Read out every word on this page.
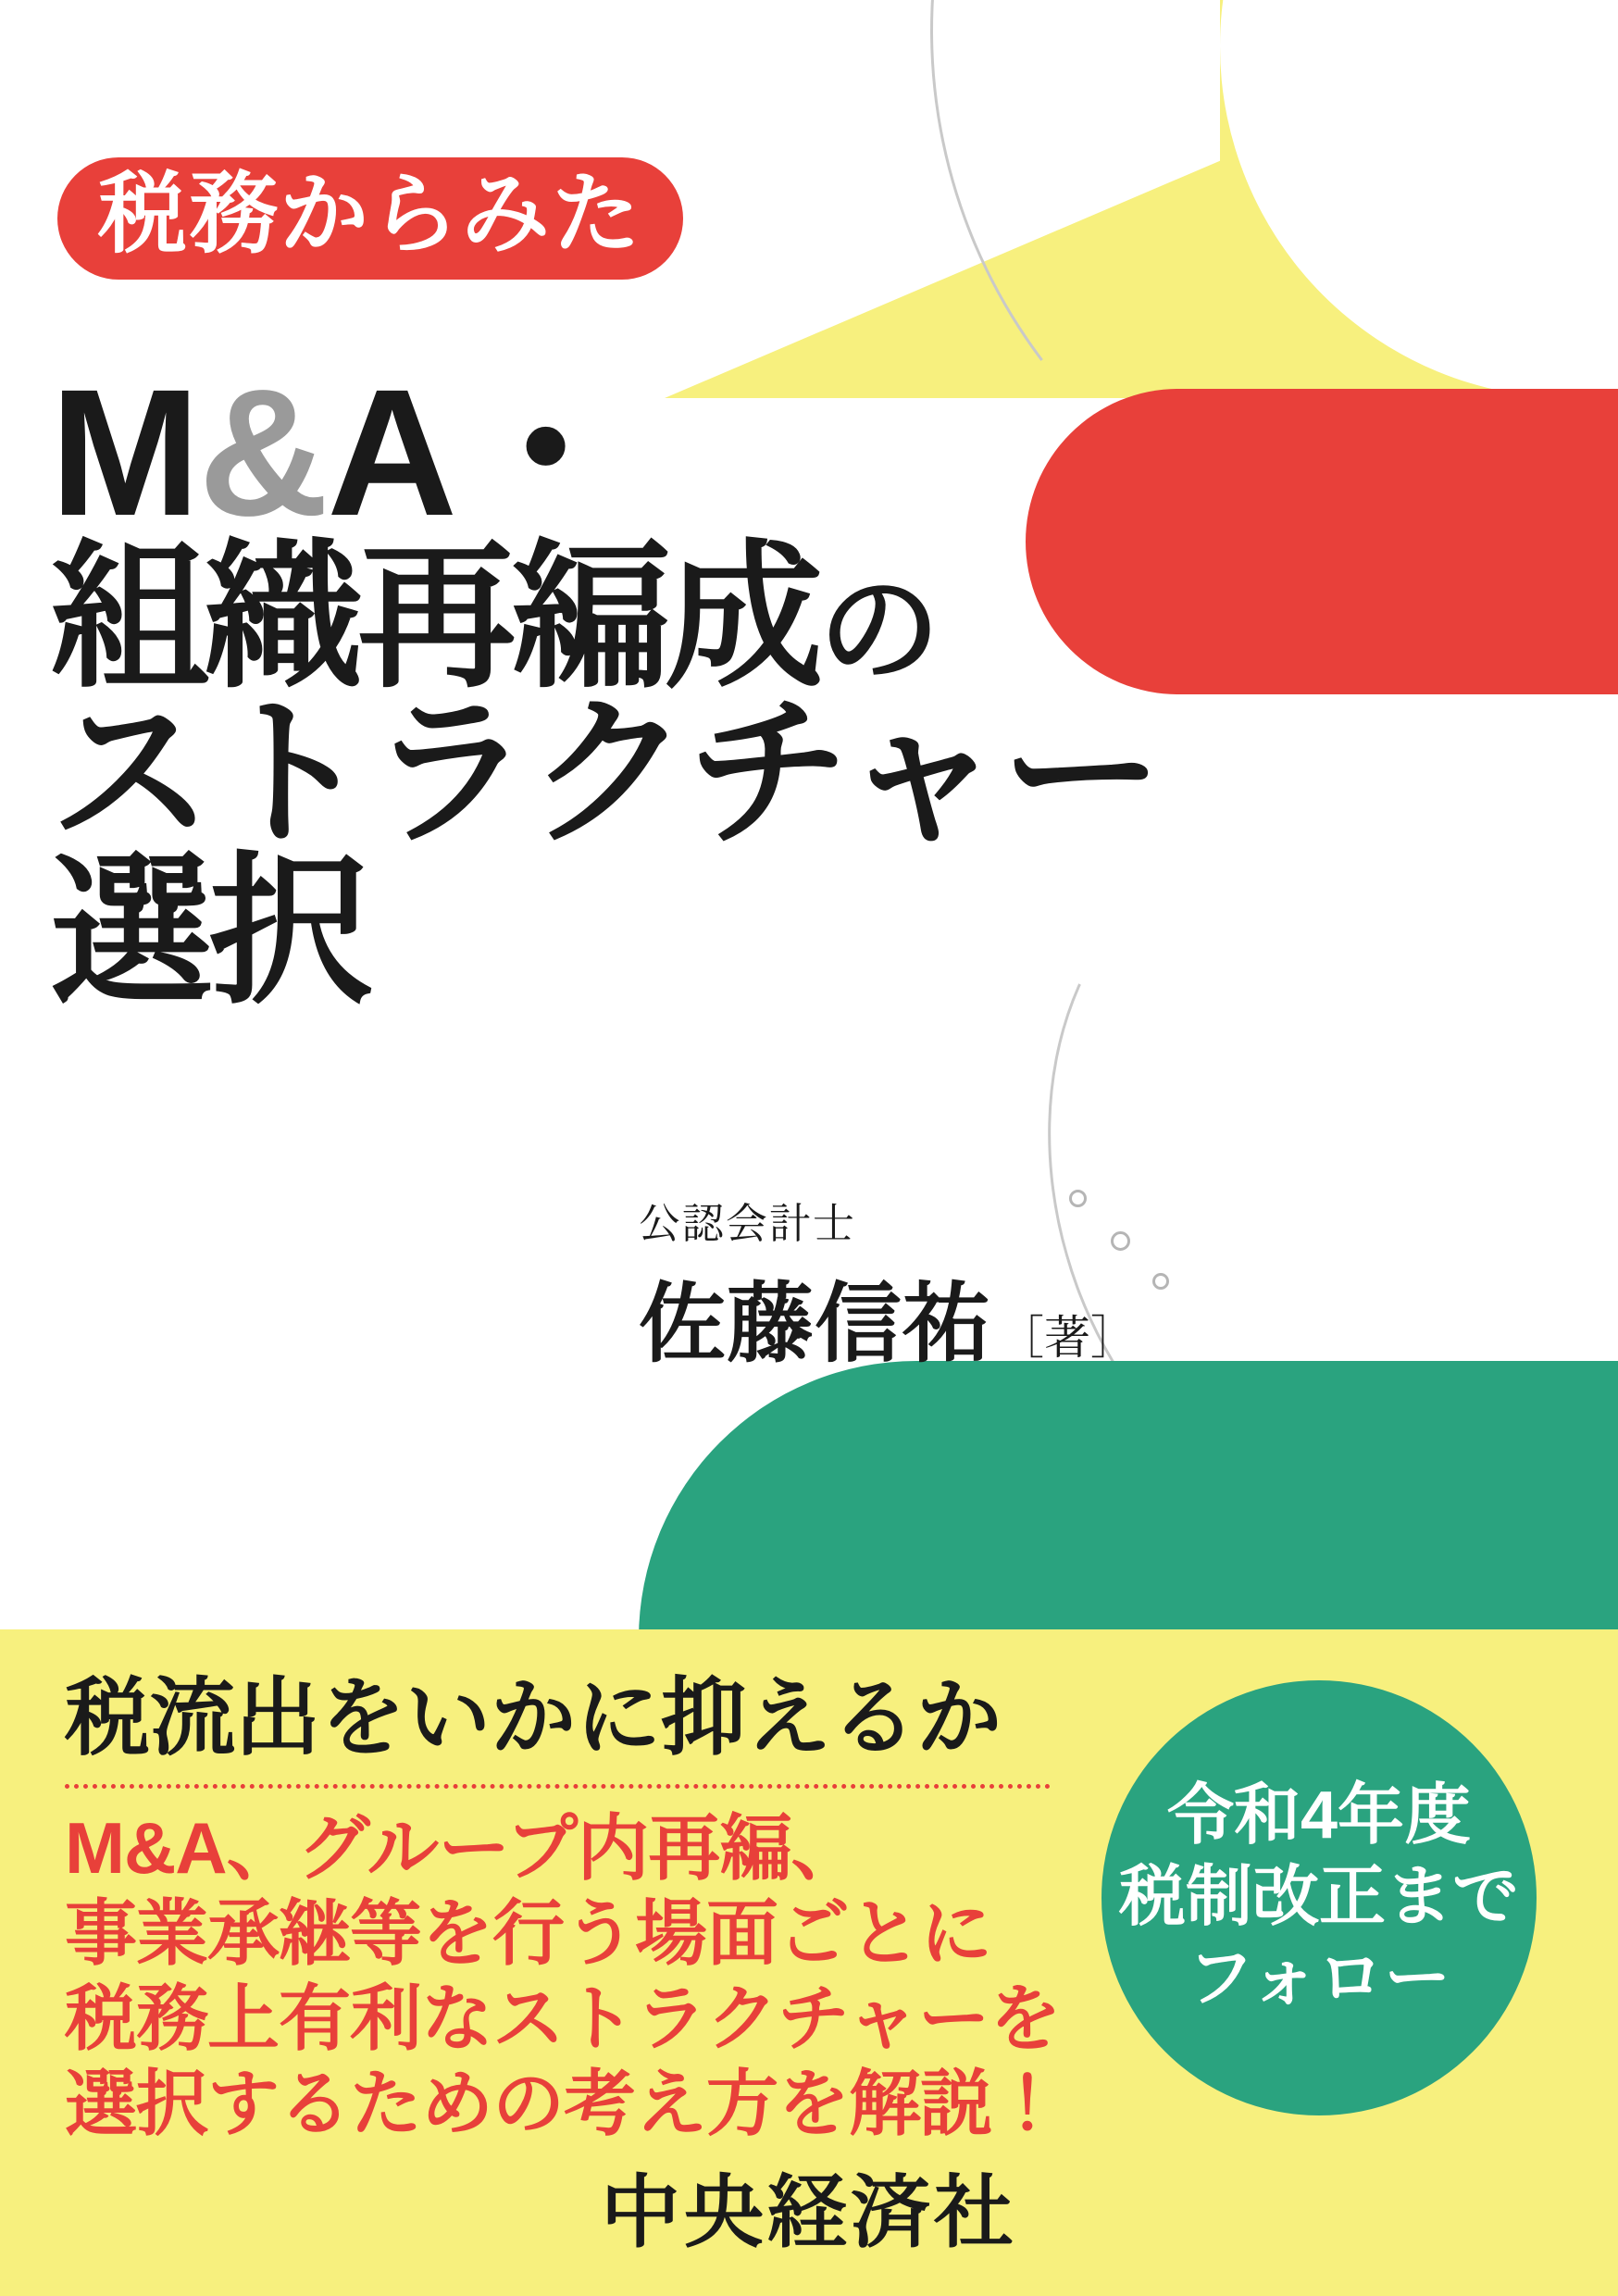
税務からみた
M&A・
組織再編成の
ストラクチャー
選択
公認会計士
佐藤信祐 ［著］
税流出をいかに抑えるか
M&A、グループ内再編、
事業承継等を行う場面ごとに
税務上有利なストラクチャーを
選択するための考え方を解説！
令和4年度
税制改正まで
フォロー
中央経済社
